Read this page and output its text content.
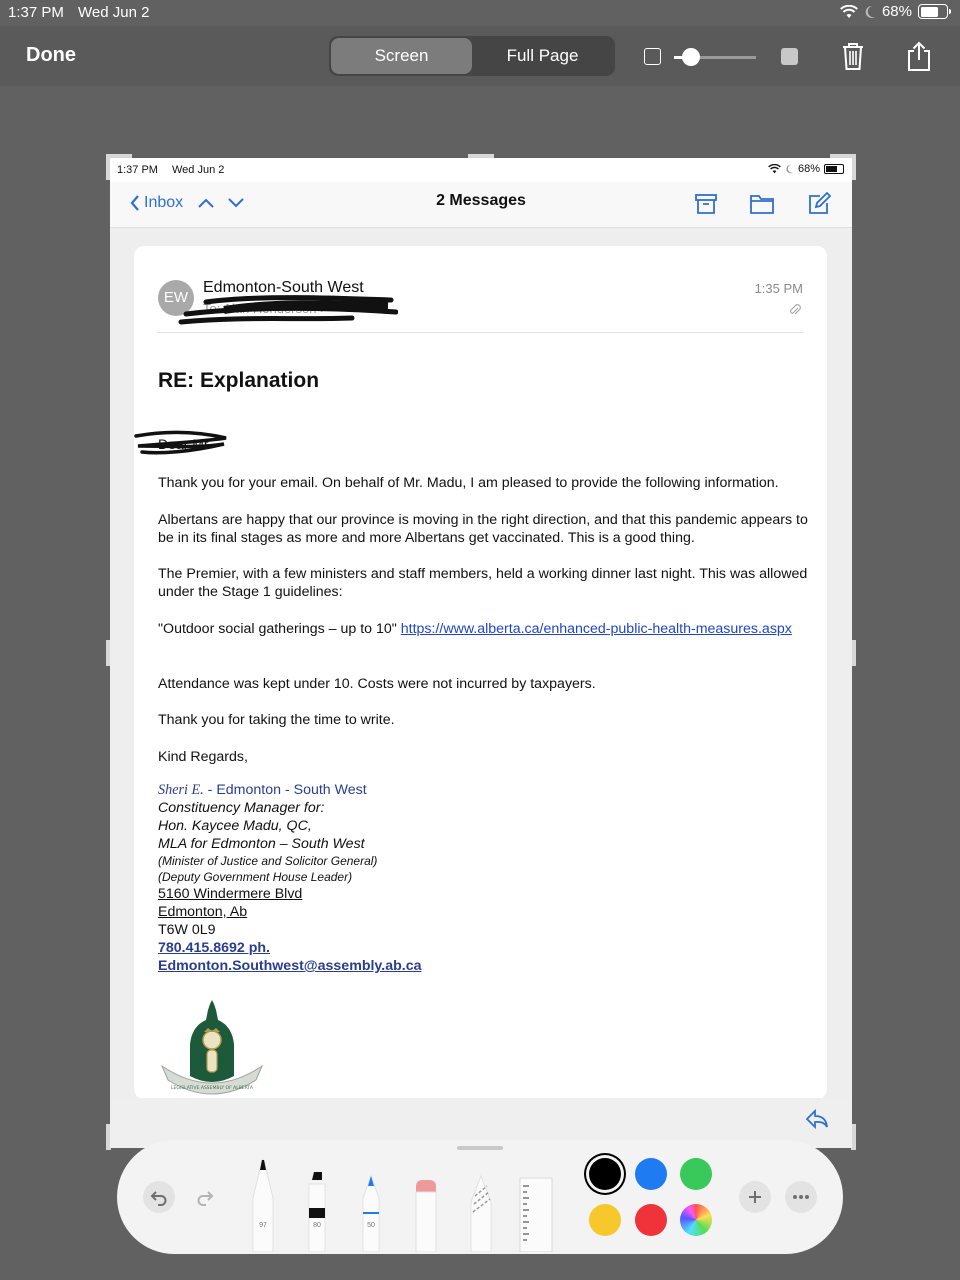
1:37 PM Wed Jun 2	68%
Done	Screen	Full Page
1:37 PM Wed Jun 2	68%
Inbox	2 Messages
EW
Edmonton-South West
To: Alan Henderson >
1:35 PM
RE: Explanation
Dear Mr

Thank you for your email. On behalf of Mr. Madu, I am pleased to provide the following information.

Albertans are happy that our province is moving in the right direction, and that this pandemic appears to be in its final stages as more and more Albertans get vaccinated. This is a good thing.

The Premier, with a few ministers and staff members, held a working dinner last night. This was allowed under the Stage 1 guidelines:

"Outdoor social gatherings – up to 10" https://www.alberta.ca/enhanced-public-health-measures.aspx

Attendance was kept under 10. Costs were not incurred by taxpayers.

Thank you for taking the time to write.

Kind Regards,

Sheri E. - Edmonton - South West
Constituency Manager for:
Hon. Kaycee Madu, QC,
MLA for Edmonton – South West
(Minister of Justice and Solicitor General)
(Deputy Government House Leader)
5160 Windermere Blvd
Edmonton, Ab
T6W 0L9
780.415.8692 ph.
Edmonton.Southwest@assembly.ab.ca
LEGISLATIVE ASSEMBLY OF ALBERTA
97	80	50
